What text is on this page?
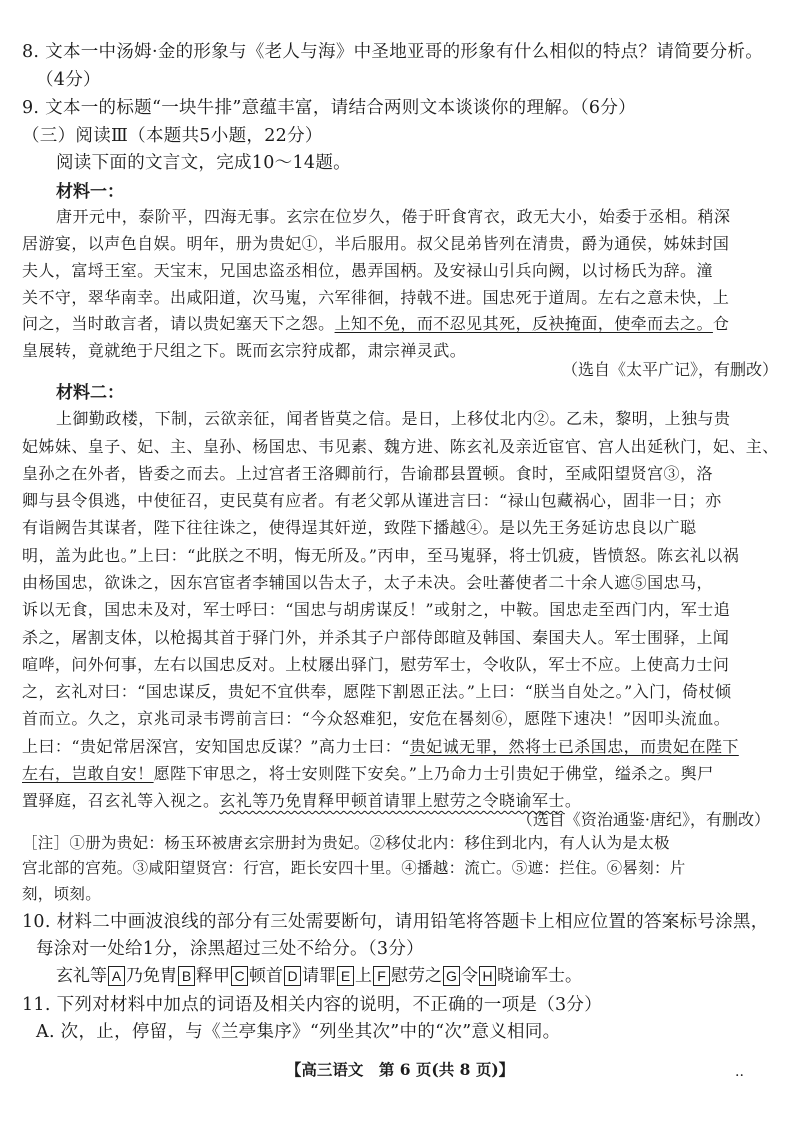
8. 文本一中汤姆·金的形象与《老人与海》中圣地亚哥的形象有什么相似的特点？请简要分析。
（4分）
9. 文本一的标题“一块牛排”意蕴丰富，请结合两则文本谈谈你的理解。（6分）
（三）阅读Ⅲ（本题共5小题，22分）
阅读下面的文言文，完成10～14题。
材料一：
唐开元中，泰阶平，四海无事。玄宗在位岁久，倦于旰食宵衣，政无大小，始委于丞相。稍深
居游宴，以声色自娱。明年，册为贵妃①，半后服用。叔父昆弟皆列在清贵，爵为通侯，姊妹封国
夫人，富埒王室。天宝末，兄国忠盗丞相位，愚弄国柄。及安禄山引兵向阙，以讨杨氏为辞。潼
关不守，翠华南幸。出咸阳道，次马嵬，六军徘徊，持戟不进。国忠死于道周。左右之意未快，上
问之，当时敢言者，请以贵妃塞天下之怨。上知不免，而不忍见其死，反袂掩面，使牵而去之。仓
皇展转，竟就绝于尺组之下。既而玄宗狩成都，肃宗禅灵武。
（选自《太平广记》，有删改）
材料二：
上御勤政楼，下制，云欲亲征，闻者皆莫之信。是日，上移仗北内②。乙未，黎明，上独与贵
妃姊妹、皇子、妃、主、皇孙、杨国忠、韦见素、魏方进、陈玄礼及亲近宦官、宫人出延秋门，妃、主、
皇孙之在外者，皆委之而去。上过宫者王洛卿前行，告谕郡县置顿。食时，至咸阳望贤宫③，洛
卿与县令俱逃，中使征召，吏民莫有应者。有老父郭从谨进言曰：“禄山包藏祸心，固非一日；亦
有诣阙告其谋者，陛下往往诛之，使得逞其奸逆，致陛下播越④。是以先王务延访忠良以广聪
明，盖为此也。”上曰：“此朕之不明，悔无所及。”丙申，至马嵬驿，将士饥疲，皆愤怒。陈玄礼以祸
由杨国忠，欲诛之，因东宫宦者李辅国以告太子，太子未决。会吐蕃使者二十余人遮⑤国忠马，
诉以无食，国忠未及对，军士呼曰：“国忠与胡虏谋反！”或射之，中鞍。国忠走至西门内，军士追
杀之，屠割支体，以枪揭其首于驿门外，并杀其子户部侍郎暄及韩国、秦国夫人。军士围驿，上闻
喧哗，问外何事，左右以国忠反对。上杖屦出驿门，慰劳军士，令收队，军士不应。上使高力士问
之，玄礼对曰：“国忠谋反，贵妃不宜供奉，愿陛下割恩正法。”上曰：“朕当自处之。”入门，倚杖倾
首而立。久之，京兆司录韦谔前言曰：“今众怒难犯，安危在晷刻⑥，愿陛下速决！”因叩头流血。
上曰：“贵妃常居深宫，安知国忠反谋？”高力士曰：“贵妃诚无罪，然将士已杀国忠，而贵妃在陛下
左右，岂敢自安！愿陛下审思之，将士安则陛下安矣。”上乃命力士引贵妃于佛堂，缢杀之。舆尸
置驿庭，召玄礼等入视之。玄礼等乃免胄释甲顿首请罪上慰劳之令晓谕军士。
（选自《资治通鉴·唐纪》，有删改）
［注］①册为贵妃：杨玉环被唐玄宗册封为贵妃。②移仗北内：移住到北内，有人认为是太极
宫北部的宫苑。③咸阳望贤宫：行宫，距长安四十里。④播越：流亡。⑤遮：拦住。⑥晷刻：片
刻，顷刻。
10. 材料二中画波浪线的部分有三处需要断句，请用铅笔将答题卡上相应位置的答案标号涂黑，
每涂对一处给1分，涂黑超过三处不给分。（3分）
玄礼等 A 乃免胄 B 释甲 C 顿首 D 请罪 E 上 F 慰劳之 G 令 H 晓谕军士。
11. 下列对材料中加点的词语及相关内容的说明，不正确的一项是（3分）
A. 次，止，停留，与《兰亭集序》“列坐其次”中的“次”意义相同。
【高三语文　第 6 页(共 8 页)】	..
